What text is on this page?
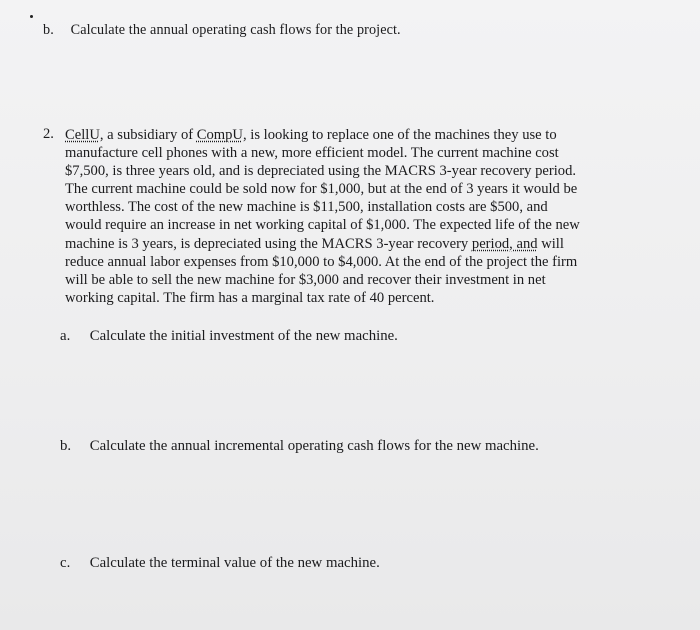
b. Calculate the annual operating cash flows for the project.
2. CellU, a subsidiary of CompU, is looking to replace one of the machines they use to
manufacture cell phones with a new, more efficient model. The current machine cost
$7,500, is three years old, and is depreciated using the MACRS 3-year recovery period.
The current machine could be sold now for $1,000, but at the end of 3 years it would be
worthless. The cost of the new machine is $11,500, installation costs are $500, and
would require an increase in net working capital of $1,000. The expected life of the new
machine is 3 years, is depreciated using the MACRS 3-year recovery period, and will
reduce annual labor expenses from $10,000 to $4,000. At the end of the project the firm
will be able to sell the new machine for $3,000 and recover their investment in net
working capital. The firm has a marginal tax rate of 40 percent.
a. Calculate the initial investment of the new machine.
b. Calculate the annual incremental operating cash flows for the new machine.
c. Calculate the terminal value of the new machine.
